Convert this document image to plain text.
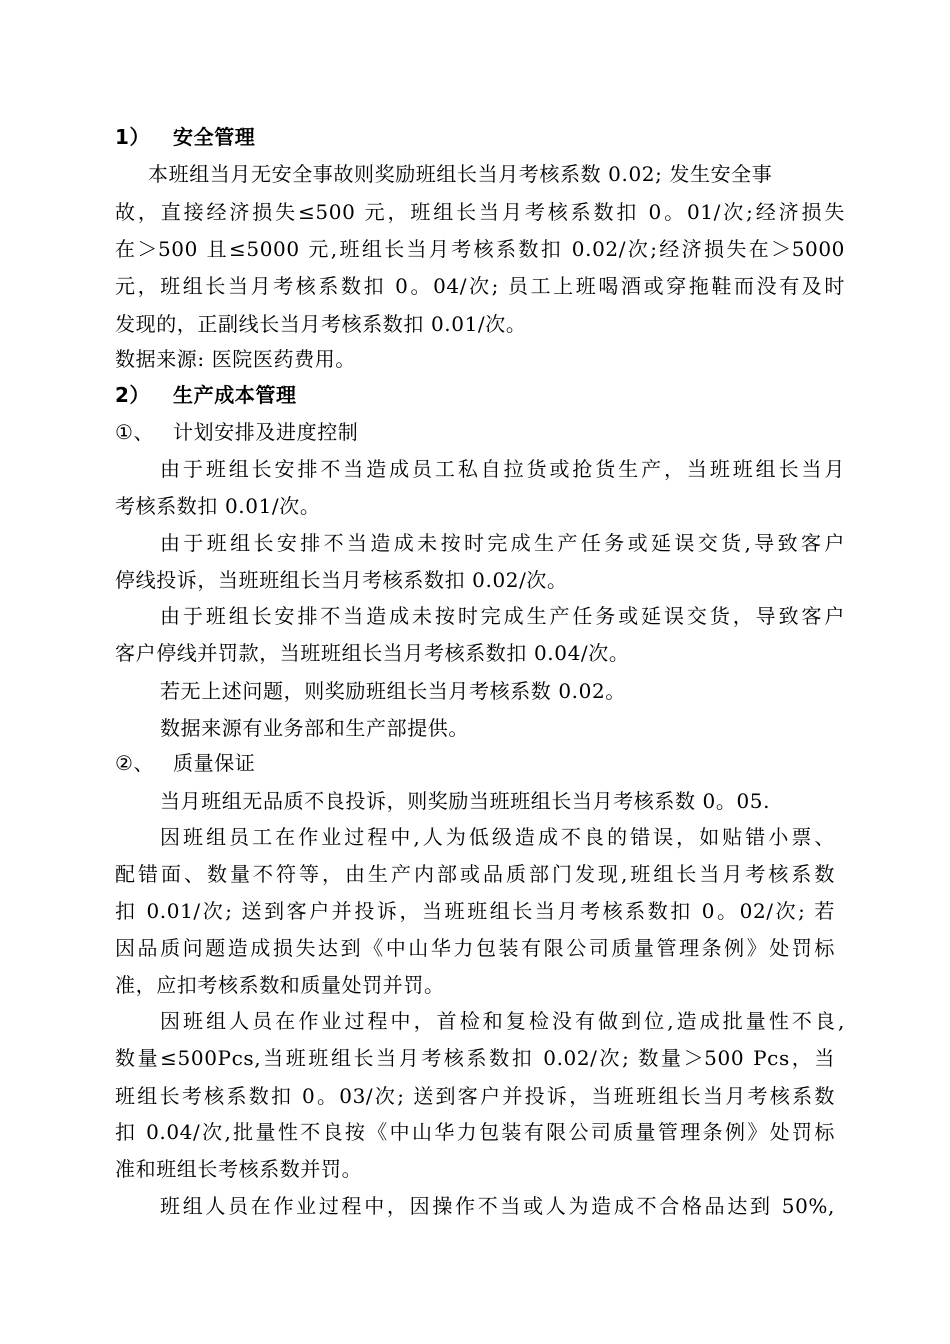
1） 安全管理
本班组当月无安全事故则奖励班组长当月考核系数 0.02; 发生安全事
故，直接经济损失≤500 元，班组长当月考核系数扣 0。01/次;经济损失
在＞500 且≤5000 元,班组长当月考核系数扣 0.02/次;经济损失在＞5000
元，班组长当月考核系数扣 0。04/次; 员工上班喝酒或穿拖鞋而没有及时
发现的，正副线长当月考核系数扣 0.01/次。
数据来源: 医院医药费用。
2） 生产成本管理
①、 计划安排及进度控制
由于班组长安排不当造成员工私自拉货或抢货生产，当班班组长当月
考核系数扣 0.01/次。
由于班组长安排不当造成未按时完成生产任务或延误交货,导致客户
停线投诉，当班班组长当月考核系数扣 0.02/次。
由于班组长安排不当造成未按时完成生产任务或延误交货，导致客户
客户停线并罚款，当班班组长当月考核系数扣 0.04/次。
若无上述问题，则奖励班组长当月考核系数 0.02。
数据来源有业务部和生产部提供。
②、 质量保证
当月班组无品质不良投诉，则奖励当班班组长当月考核系数 0。05.
因班组员工在作业过程中,人为低级造成不良的错误，如贴错小票、
配错面、数量不符等，由生产内部或品质部门发现,班组长当月考核系数
扣 0.01/次; 送到客户并投诉，当班班组长当月考核系数扣 0。02/次; 若
因品质问题造成损失达到《中山华力包装有限公司质量管理条例》处罚标
准，应扣考核系数和质量处罚并罚。
因班组人员在作业过程中，首检和复检没有做到位,造成批量性不良,
数量≤500Pcs,当班班组长当月考核系数扣 0.02/次; 数量＞500 Pcs，当
班组长考核系数扣 0。03/次; 送到客户并投诉，当班班组长当月考核系数
扣 0.04/次,批量性不良按《中山华力包装有限公司质量管理条例》处罚标
准和班组长考核系数并罚。
班组人员在作业过程中，因操作不当或人为造成不合格品达到 50%,
